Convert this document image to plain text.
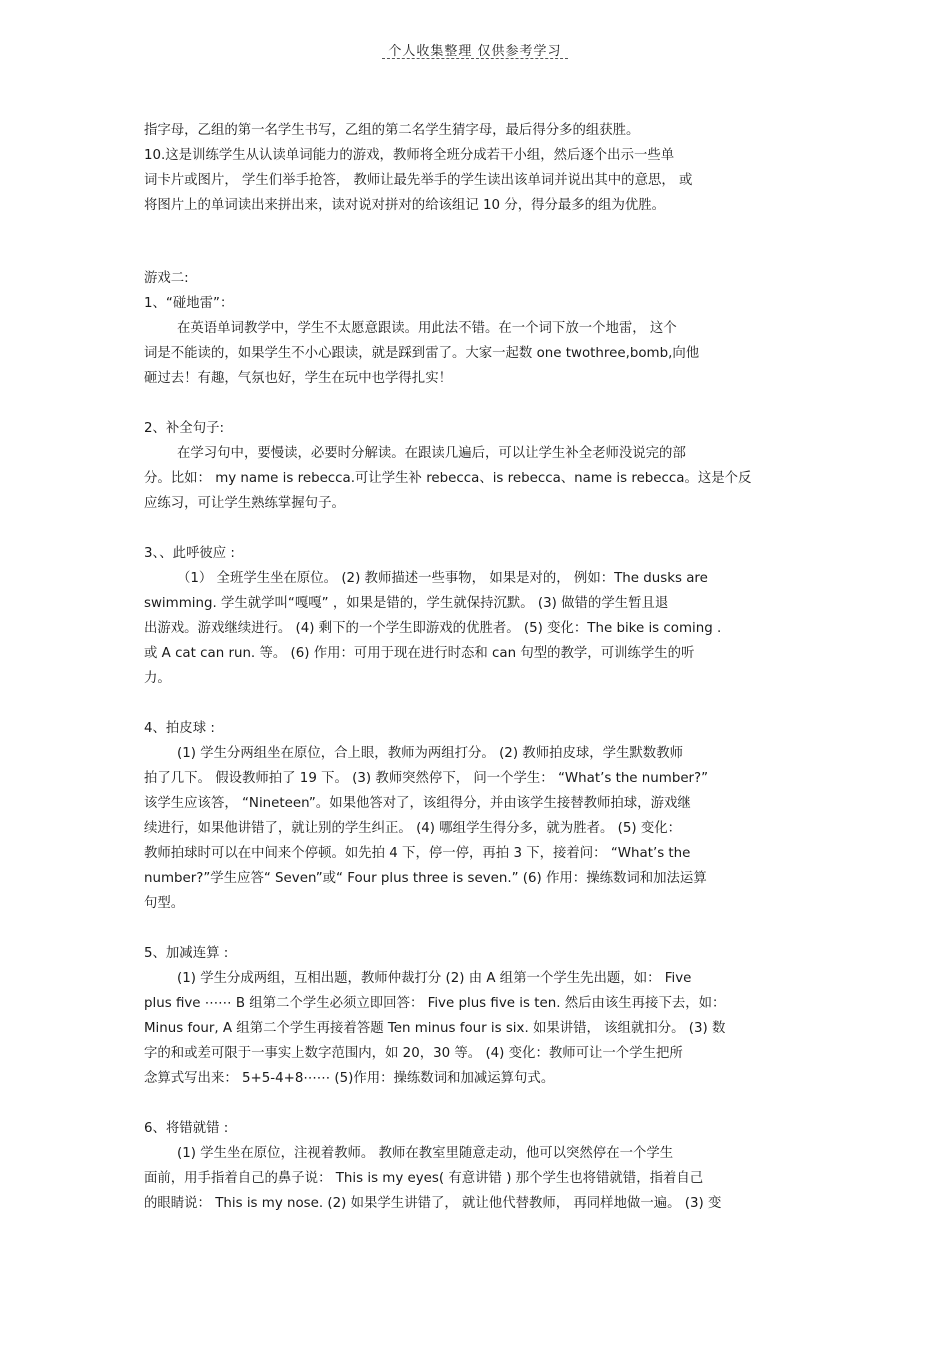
个人收集整理 仅供参考学习
指字母，乙组的第一名学生书写，乙组的第二名学生猜字母，最后得分多的组获胜。
10.这是训练学生从认读单词能力的游戏，教师将全班分成若干小组，然后逐个出示一些单
词卡片或图片， 学生们举手抢答， 教师让最先举手的学生读出该单词并说出其中的意思， 或
将图片上的单词读出来拼出来，读对说对拼对的给该组记 10 分，得分最多的组为优胜。
游戏二:
1、“碰地雷”：
在英语单词教学中，学生不太愿意跟读。用此法不错。在一个词下放一个地雷， 这个
词是不能读的，如果学生不小心跟读，就是踩到雷了。大家一起数 one twothree,bomb,向他
砸过去！有趣，气氛也好，学生在玩中也学得扎实！
2、补全句子:
在学习句中，要慢读，必要时分解读。在跟读几遍后，可以让学生补全老师没说完的部
分。比如： my name is rebecca.可让学生补 rebecca、is rebecca、name is rebecca。这是个反
应练习，可让学生熟练掌握句子。
3、、此呼彼应 :
（1） 全班学生坐在原位。 (2) 教师描述一些事物， 如果是对的， 例如：The dusks are
swimming. 学生就学叫“嘎嘎” ，如果是错的，学生就保持沉默。 (3) 做错的学生暂且退
出游戏。游戏继续进行。 (4) 剩下的一个学生即游戏的优胜者。 (5) 变化：The bike is coming .
或 A cat can run. 等。 (6) 作用：可用于现在进行时态和 can 句型的教学，可训练学生的听
力。
4、拍皮球 :
(1) 学生分两组坐在原位，合上眼，教师为两组打分。 (2) 教师拍皮球，学生默数教师
拍了几下。 假设教师拍了 19 下。 (3) 教师突然停下， 问一个学生： “What’s the number?”
该学生应该答， “Nineteen”。如果他答对了，该组得分，并由该学生接替教师拍球，游戏继
续进行，如果他讲错了，就让别的学生纠正。 (4) 哪组学生得分多，就为胜者。 (5) 变化：
教师拍球时可以在中间来个停顿。如先拍 4 下，停一停，再拍 3 下，接着问： “What’s the
number?”学生应答“ Seven”或“ Four plus three is seven.” (6) 作用：操练数词和加法运算
句型。
5、加减连算 :
(1) 学生分成两组，互相出题，教师仲裁打分 (2) 由 A 组第一个学生先出题，如： Five
plus five ⋯⋯ B 组第二个学生必须立即回答： Five plus five is ten. 然后由该生再接下去，如：
Minus four, A 组第二个学生再接着答题 Ten minus four is six. 如果讲错， 该组就扣分。 (3) 数
字的和或差可限于一事实上数字范围内，如 20，30 等。 (4) 变化：教师可让一个学生把所
念算式写出来： 5+5-4+8⋯⋯ (5)作用：操练数词和加减运算句式。
6、将错就错 :
(1) 学生坐在原位，注视着教师。 教师在教室里随意走动，他可以突然停在一个学生
面前，用手指着自己的鼻子说： This is my eyes( 有意讲错 ) 那个学生也将错就错，指着自己
的眼睛说： This is my nose. (2) 如果学生讲错了， 就让他代替教师， 再同样地做一遍。 (3) 变
